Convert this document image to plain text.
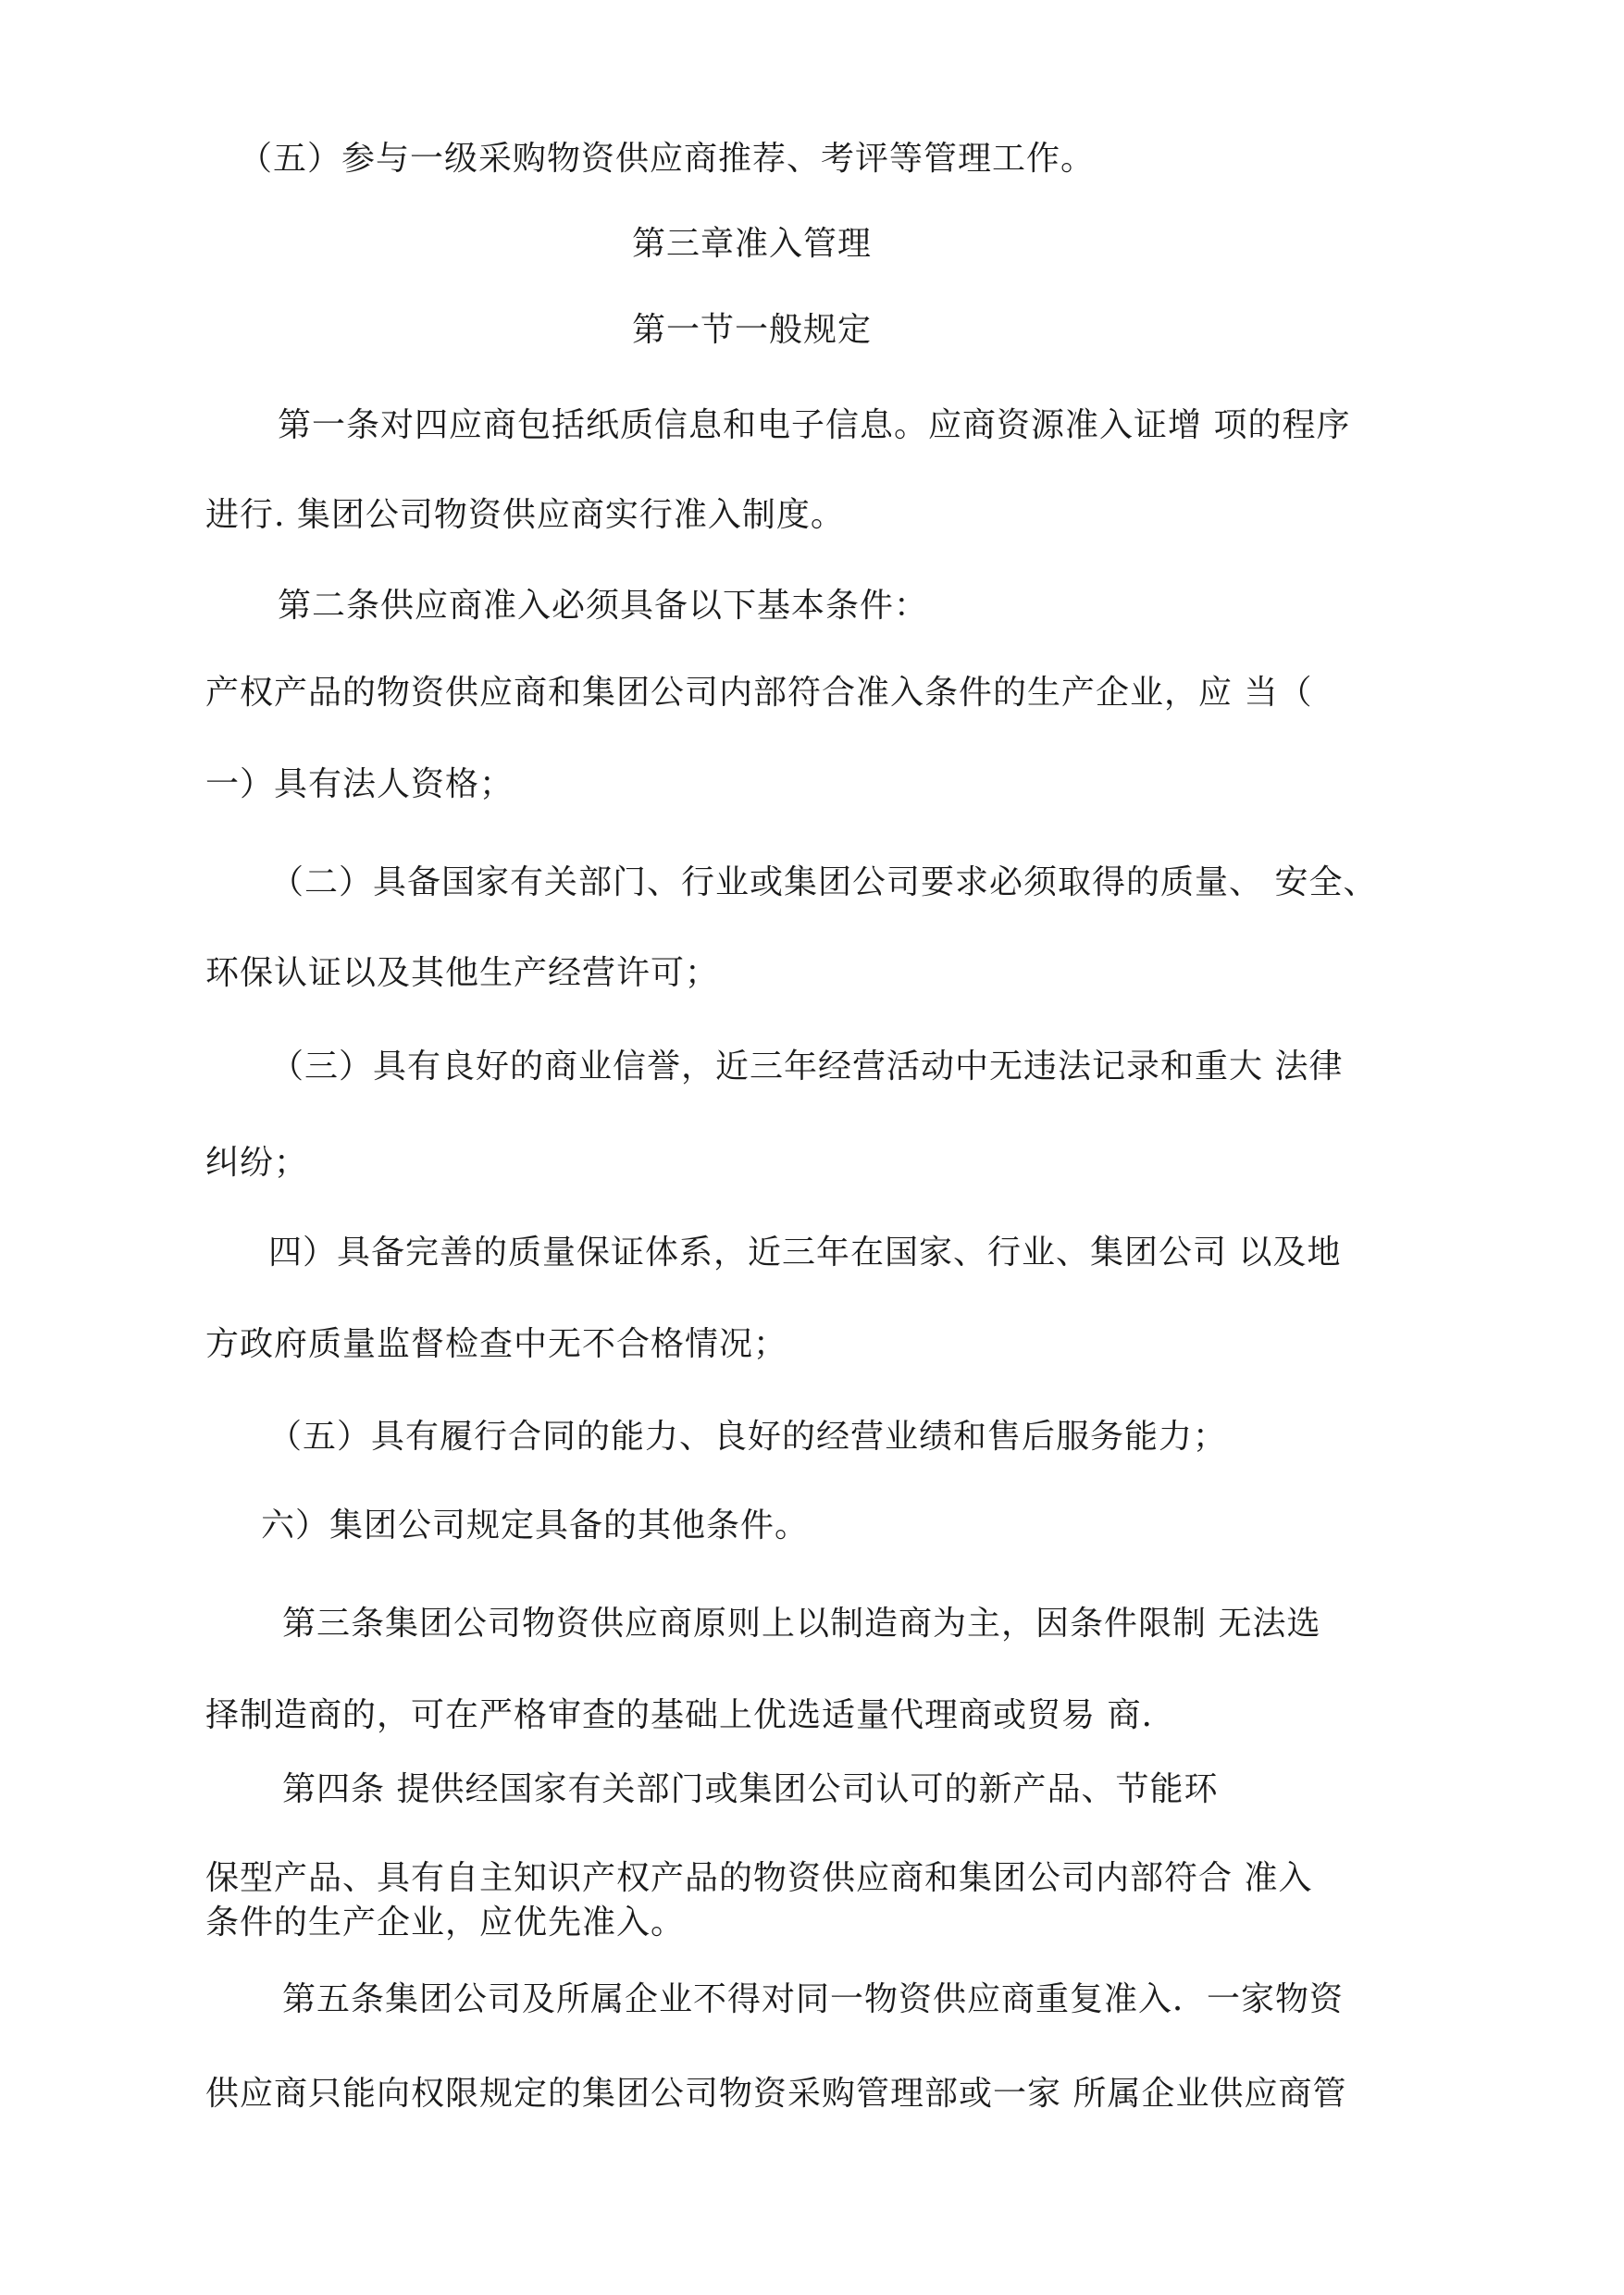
（五）参与一级采购物资供应商推荐、考评等管理工作。

第三章准入管理

第一节一般规定

第一条对四应商包括纸质信息和电子信息。应商资源准入证增 项的程序

进行. 集团公司物资供应商实行准入制度。

第二条供应商准入必须具备以下基本条件：

产权产品的物资供应商和集团公司内部符合准入条件的生产企业，应 当（

一）具有法人资格；

（二）具备国家有关部门、行业或集团公司要求必须取得的质量、 安全、

环保认证以及其他生产经营许可；

（三）具有良好的商业信誉，近三年经营活动中无违法记录和重大 法律

纠纷；

四）具备完善的质量保证体系，近三年在国家、行业、集团公司 以及地

方政府质量监督检查中无不合格情况；

（五）具有履行合同的能力、良好的经营业绩和售后服务能力；

六）集团公司规定具备的其他条件。

第三条集团公司物资供应商原则上以制造商为主，因条件限制 无法选

择制造商的，可在严格审查的基础上优选适量代理商或贸易 商.

第四条 提供经国家有关部门或集团公司认可的新产品、节能环

保型产品、具有自主知识产权产品的物资供应商和集团公司内部符合 准入

条件的生产企业，应优先准入。

第五条集团公司及所属企业不得对同一物资供应商重复准入．一家物资

供应商只能向权限规定的集团公司物资采购管理部或一家 所属企业供应商管
